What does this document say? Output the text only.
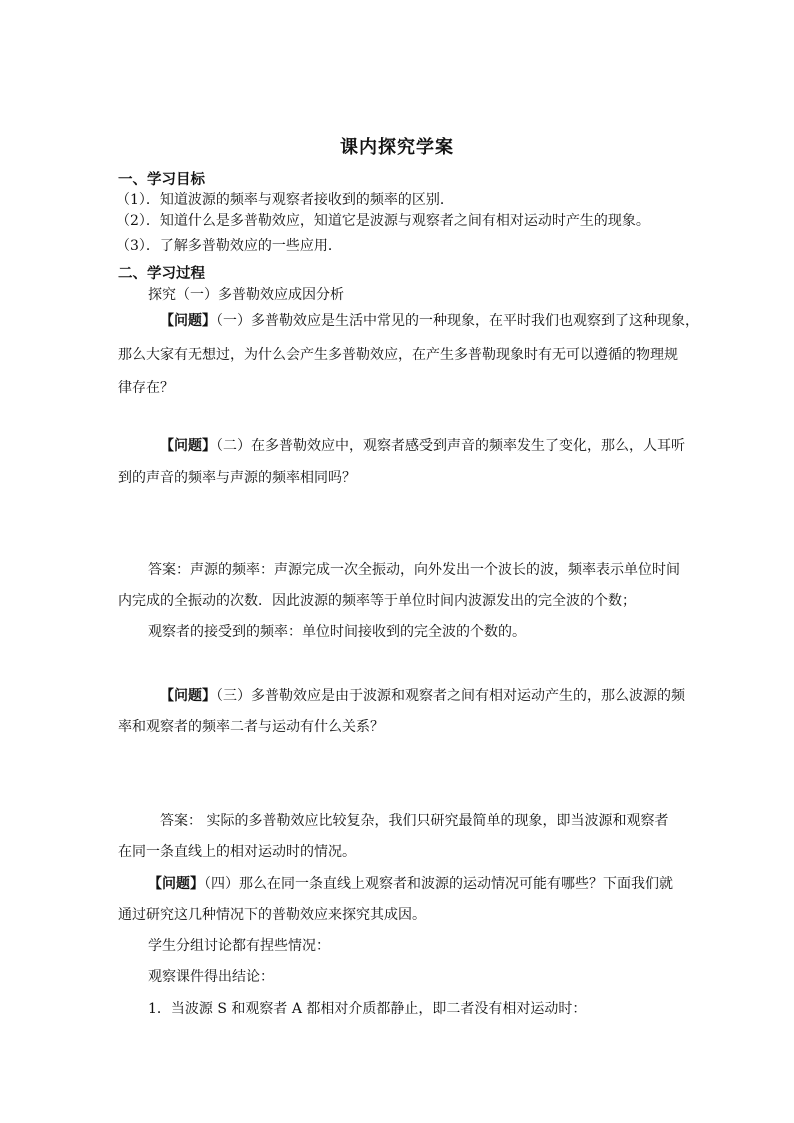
课内探究学案
一、学习目标
（1）．知道波源的频率与观察者接收到的频率的区别．
（2）．知道什么是多普勒效应，知道它是波源与观察者之间有相对运动时产生的现象。
（3）．了解多普勒效应的一些应用．
二、学习过程
探究（一）多普勒效应成因分析
【问题】（一）多普勒效应是生活中常见的一种现象，在平时我们也观察到了这种现象，
那么大家有无想过，为什么会产生多普勒效应，在产生多普勒现象时有无可以遵循的物理规
律存在？
【问题】（二）在多普勒效应中，观察者感受到声音的频率发生了变化，那么，人耳听
到的声音的频率与声源的频率相同吗？
答案：声源的频率：声源完成一次全振动，向外发出一个波长的波，频率表示单位时间
内完成的全振动的次数．因此波源的频率等于单位时间内波源发出的完全波的个数；
观察者的接受到的频率：单位时间接收到的完全波的个数的。
【问题】（三）多普勒效应是由于波源和观察者之间有相对运动产生的，那么波源的频
率和观察者的频率二者与运动有什么关系？
答案： 实际的多普勒效应比较复杂，我们只研究最简单的现象，即当波源和观察者
在同一条直线上的相对运动时的情况。
【问题】（四）那么在同一条直线上观察者和波源的运动情况可能有哪些？下面我们就
通过研究这几种情况下的普勒效应来探究其成因。
学生分组讨论都有捏些情况：
观察课件得出结论：
1．当波源 S 和观察者 A 都相对介质都静止，即二者没有相对运动时：
